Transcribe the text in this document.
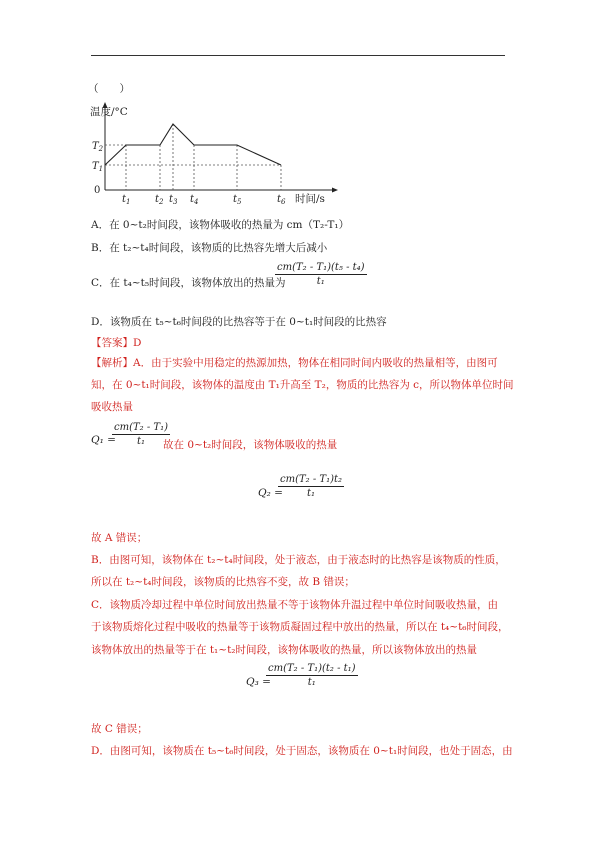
（　　）
温度/°C
$T_2$
$T_1$
0
$t_1$ $t_2$ $t_3$ $t_4$	$t_5$	$t_6$ 时间/s
A．在 0~t₂时间段，该物体吸收的热量为 cm（T₂-T₁）
B．在 t₂~t₄时间段，该物质的比热容先增大后减小
C．在 t₄~t₅时间段，该物体放出的热量为
$\frac{\text{cm(T₂ - T₁)(t₅ - t₄)}}{\text{t₁}}$
D．该物质在 t₅~t₆时间段的比热容等于在 0~t₁时间段的比热容
【答案】D
【解析】A．由于实验中用稳定的热源加热，物体在相同时间内吸收的热量相等，由图可
知，在 0~t₁时间段，该物体的温度由 T₁升高至 T₂，物质的比热容为 c，所以物体单位时间
吸收热量
Q₁ =
$\frac{\text{cm(T₂ - T₁)}}{\text{t₁}}$
故在 0~t₂时间段，该物体吸收的热量
Q₂ =
$\frac{\text{cm(T₂ - T₁)t₂}}{\text{t₁}}$
故 A 错误；
B．由图可知，该物体在 t₂~t₄时间段，处于液态，由于液态时的比热容是该物质的性质，
所以在 t₂~t₄时间段，该物质的比热容不变，故 B 错误；
C．该物质冷却过程中单位时间放出热量不等于该物体升温过程中单位时间吸收热量，由
于该物质熔化过程中吸收的热量等于该物质凝固过程中放出的热量，所以在 t₄~t₆时间段，
该物体放出的热量等于在 t₁~t₂时间段，该物体吸收的热量，所以该物体放出的热量
Q₃ =
$\frac{\text{cm(T₂ - T₁)(t₂ - t₁)}}{\text{t₁}}$
故 C 错误；
D．由图可知，该物质在 t₅~t₆时间段，处于固态，该物质在 0~t₁时间段，也处于固态，由
